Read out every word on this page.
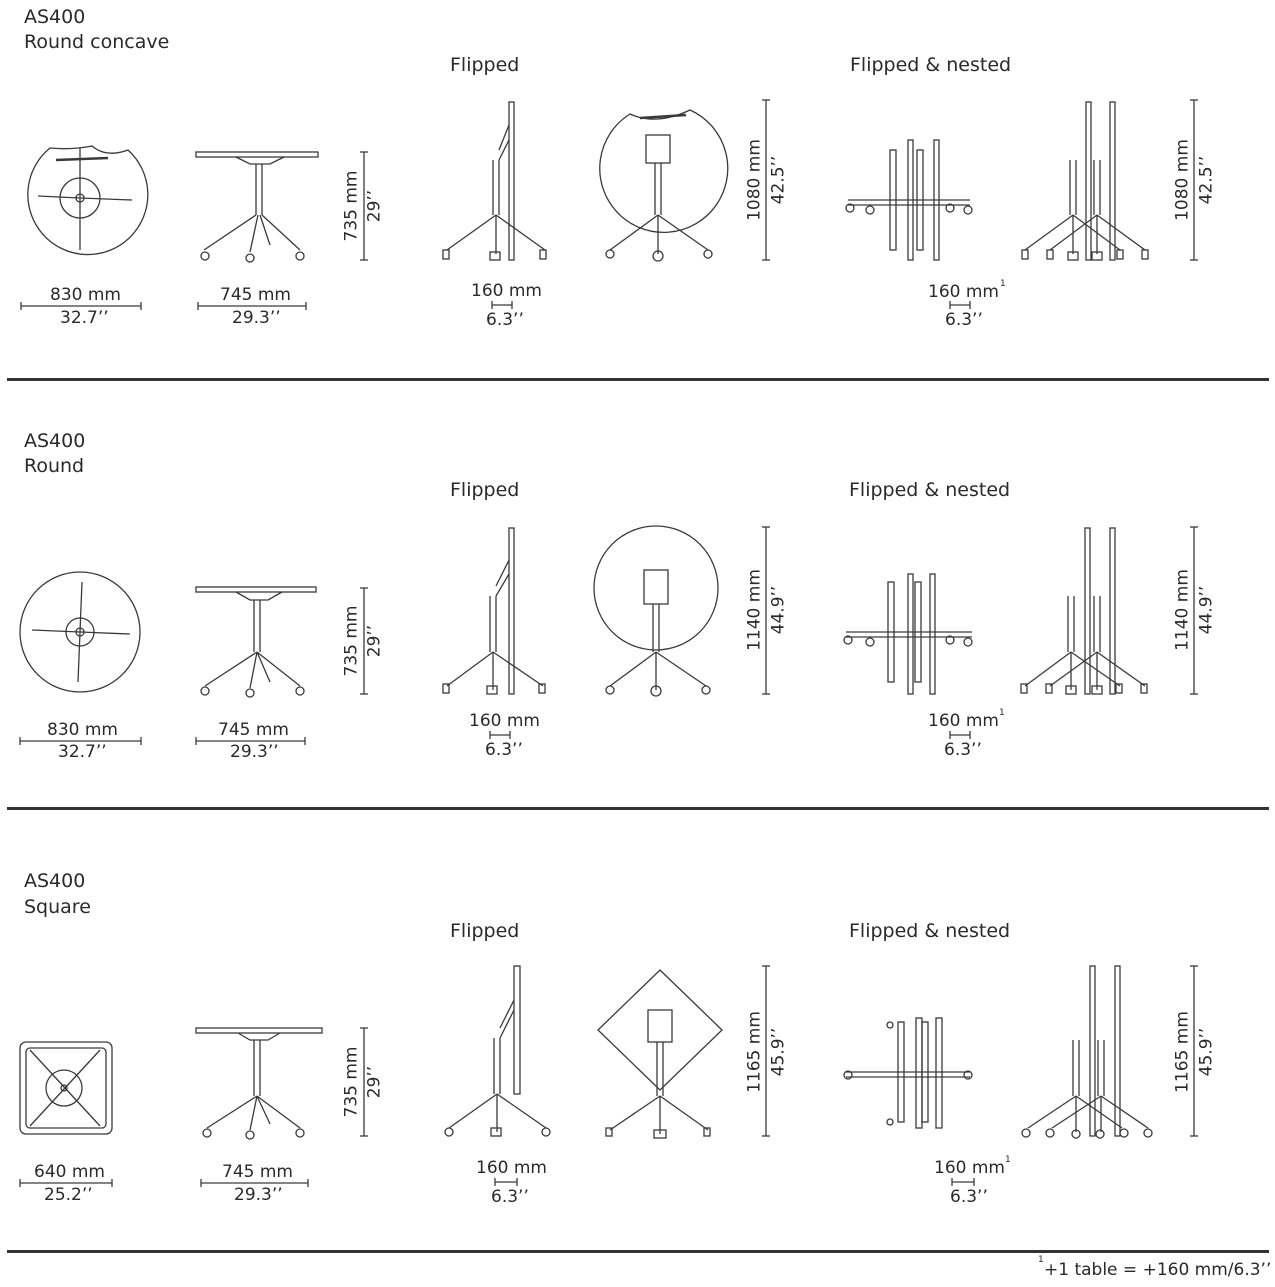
AS400
Round concave
Flipped	Flipped & nested
830 mm
32.7’’
745 mm
29.3’’
735 mm 29’’
160 mm
6.3’’
1080 mm 42.5’’
160 mm 1
6.3’’
1080 mm 42.5’’
AS400
Round
Flipped	Flipped & nested
830 mm
32.7’’
745 mm
29.3’’
735 mm 29’’
160 mm
6.3’’
1140 mm 44.9’’
160 mm 1
6.3’’
1140 mm 44.9’’
AS400
Square
Flipped	Flipped & nested
640 mm
25.2’’
745 mm
29.3’’
735 mm 29’’
160 mm
6.3’’
1165 mm 45.9’’
160 mm 1
6.3’’
1165 mm 45.9’’
1 +1 table = +160 mm/6.3’’
